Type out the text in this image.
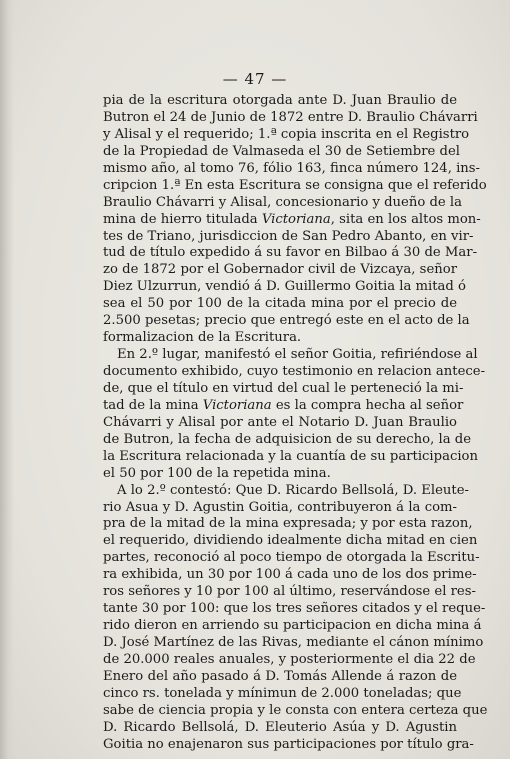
— 47 —
pia de la escritura otorgada ante D. Juan Braulio de
Butron el 24 de Junio de 1872 entre D. Braulio Chávarri
y Alisal y el requerido; 1.ª copia inscrita en el Registro
de la Propiedad de Valmaseda el 30 de Setiembre del
mismo año, al tomo 76, fólio 163, finca número 124, ins-
cripcion 1.ª En esta Escritura se consigna que el referido
Braulio Chávarri y Alisal, concesionario y dueño de la
mina de hierro titulada Victoriana, sita en los altos mon-
tes de Triano, jurisdiccion de San Pedro Abanto, en vir-
tud de título expedido á su favor en Bilbao á 30 de Mar-
zo de 1872 por el Gobernador civil de Vizcaya, señor
Diez Ulzurrun, vendió á D. Guillermo Goitia la mitad ó
sea el 50 por 100 de la citada mina por el precio de
2.500 pesetas; precio que entregó este en el acto de la
formalizacion de la Escritura.
En 2.º lugar, manifestó el señor Goitia, refiriéndose al
documento exhibido, cuyo testimonio en relacion antece-
de, que el título en virtud del cual le perteneció la mi-
tad de la mina Victoriana es la compra hecha al señor
Chávarri y Alisal por ante el Notario D. Juan Braulio
de Butron, la fecha de adquisicion de su derecho, la de
la Escritura relacionada y la cuantía de su participacion
el 50 por 100 de la repetida mina.
A lo 2.º contestó: Que D. Ricardo Bellsolá, D. Eleute-
rio Asua y D. Agustin Goitia, contribuyeron á la com-
pra de la mitad de la mina expresada; y por esta razon,
el requerido, dividiendo idealmente dicha mitad en cien
partes, reconoció al poco tiempo de otorgada la Escritu-
ra exhibida, un 30 por 100 á cada uno de los dos prime-
ros señores y 10 por 100 al último, reservándose el res-
tante 30 por 100: que los tres señores citados y el reque-
rido dieron en arriendo su participacion en dicha mina á
D. José Martínez de las Rivas, mediante el cánon mínimo
de 20.000 reales anuales, y posteriormente el dia 22 de
Enero del año pasado á D. Tomás Allende á razon de
cinco rs. tonelada y mínimun de 2.000 toneladas; que
sabe de ciencia propia y le consta con entera certeza que
D. Ricardo Bellsolá, D. Eleuterio Asúa y D. Agustin
Goitia no enajenaron sus participaciones por título gra-
